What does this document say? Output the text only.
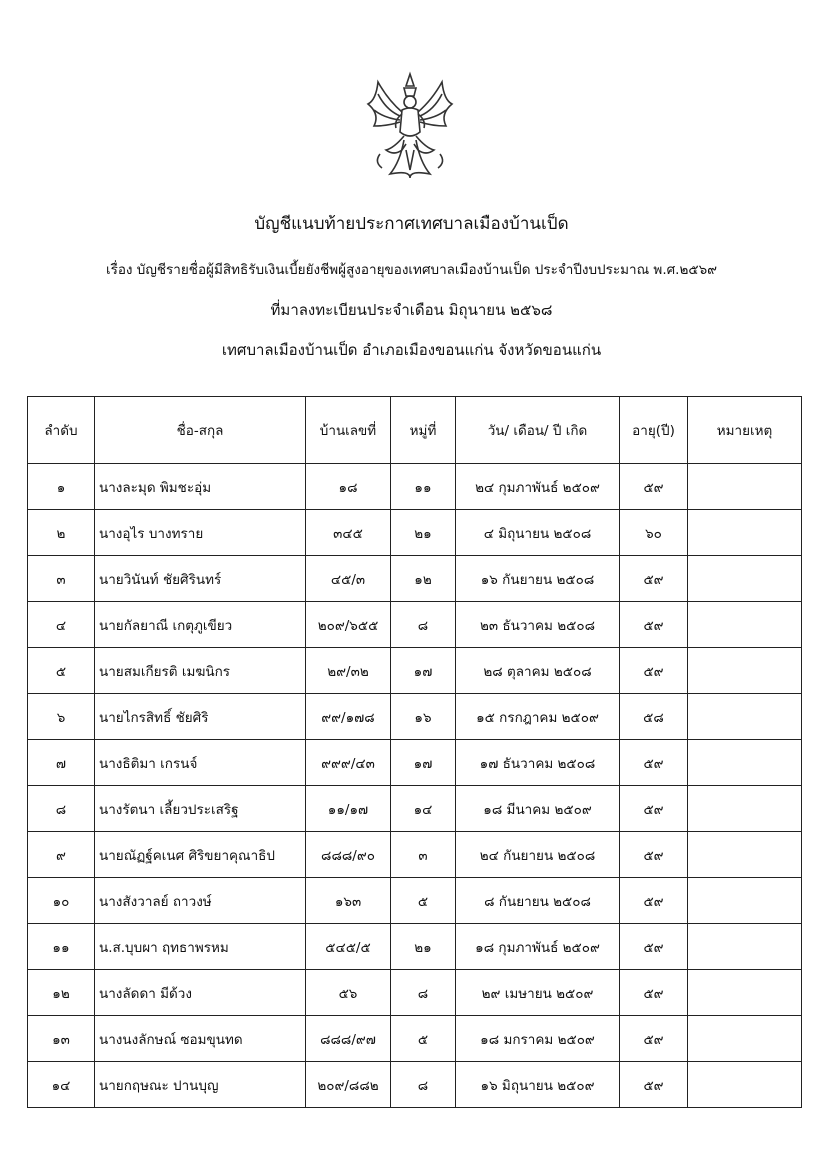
บัญชีแนบท้ายประกาศเทศบาลเมืองบ้านเป็ด
เรื่อง บัญชีรายชื่อผู้มีสิทธิรับเงินเบี้ยยังชีพผู้สูงอายุของเทศบาลเมืองบ้านเป็ด ประจำปีงบประมาณ พ.ศ.๒๕๖๙
ที่มาลงทะเบียนประจำเดือน มิถุนายน ๒๕๖๘
เทศบาลเมืองบ้านเป็ด อำเภอเมืองขอนแก่น จังหวัดขอนแก่น
ลำดับ	ชื่อ-สกุล	บ้านเลขที่	หมู่ที่	วัน/ เดือน/ ปี เกิด	อายุ(ปี)	หมายเหตุ
๑	นางละมุด พิมชะอุ่ม	๑๘	๑๑	๒๔ กุมภาพันธ์ ๒๕๐๙	๕๙	
๒	นางอุไร บางทราย	๓๔๕	๒๑	๔ มิถุนายน ๒๕๐๘	๖๐	
๓	นายวินันท์ ชัยศิรินทร์	๔๕/๓	๑๒	๑๖ กันยายน ๒๕๐๘	๕๙	
๔	นายกัลยาณี เกตุภูเขียว	๒๐๙/๖๕๕	๘	๒๓ ธันวาคม ๒๕๐๘	๕๙	
๕	นายสมเกียรติ เมฆนิกร	๒๙/๓๒	๑๗	๒๘ ตุลาคม ๒๕๐๘	๕๙	
๖	นายไกรสิทธิ์ ชัยศิริ	๙๙/๑๗๘	๑๖	๑๕ กรกฎาคม ๒๕๐๙	๕๘	
๗	นางธิติมา เกรนจ์	๙๙๙/๔๓	๑๗	๑๗ ธันวาคม ๒๕๐๘	๕๙	
๘	นางรัตนา เลี้ยวประเสริฐ	๑๑/๑๗	๑๔	๑๘ มีนาคม ๒๕๐๙	๕๙	
๙	นายณัฏฐ์คเนศ ศิริขยาคุณาธิป	๘๘๘/๙๐	๓	๒๔ กันยายน ๒๕๐๘	๕๙	
๑๐	นางสังวาลย์ ถาวงษ์	๑๖๓	๕	๘ กันยายน ๒๕๐๘	๕๙	
๑๑	น.ส.บุบผา ฤทธาพรหม	๕๔๕/๕	๒๑	๑๘ กุมภาพันธ์ ๒๕๐๙	๕๙	
๑๒	นางลัดดา มีด้วง	๕๖	๘	๒๙ เมษายน ๒๕๐๙	๕๙	
๑๓	นางนงลักษณ์ ซอมขุนทด	๘๘๘/๙๗	๕	๑๘ มกราคม ๒๕๐๙	๕๙	
๑๔	นายกฤษณะ ปานบุญ	๒๐๙/๘๘๒	๘	๑๖ มิถุนายน ๒๕๐๙	๕๙	
